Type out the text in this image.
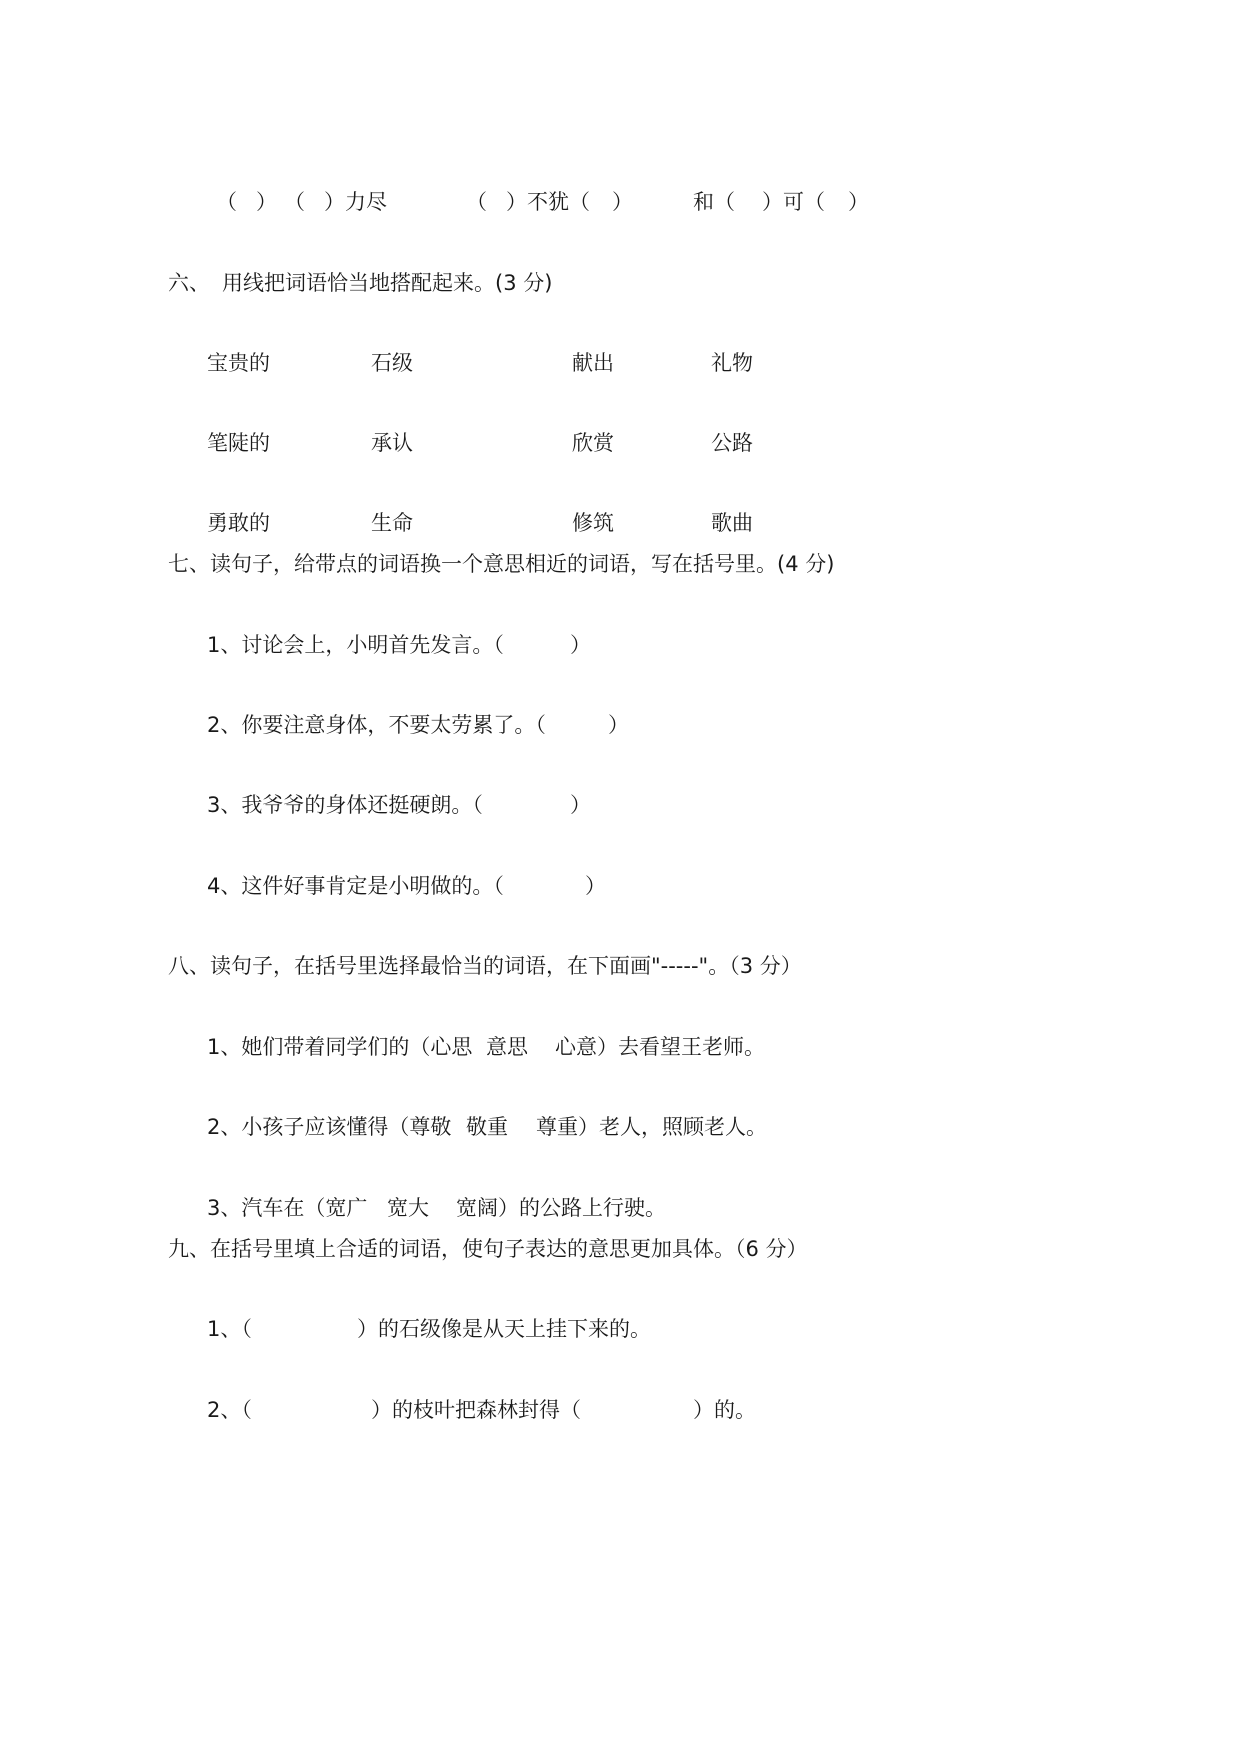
（ ） （ ） 力尽	（ ）不犹（ ）	和（ ）可（ ）
六、 用线把词语恰当地搭配起来。(3 分)
宝贵的	石级	献出	礼物
笔陡的	承认	欣赏	公路
勇敢的	生命	修筑	歌曲
七、读句子，给带点的词语换一个意思相近的词语，写在括号里。(4 分)
1、讨论会上，小明首先发言。（	）
2、你要注意身体，不要太劳累了。（	）
3、我爷爷的身体还挺硬朗。（	）
4、这件好事肯定是小明做的。（	）
八、读句子，在括号里选择最恰当的词语，在下面画"-----"。（3 分）
1、她们带着同学们的（心思 意思 心意）去看望王老师。
2、小孩子应该懂得（尊敬 敬重 尊重）老人，照顾老人。
3、汽车在（宽广 宽大 宽阔）的公路上行驶。
九、在括号里填上合适的词语，使句子表达的意思更加具体。（6 分）
1、（	）的石级像是从天上挂下来的。
2、（	）的枝叶把森林封得（	）的。
